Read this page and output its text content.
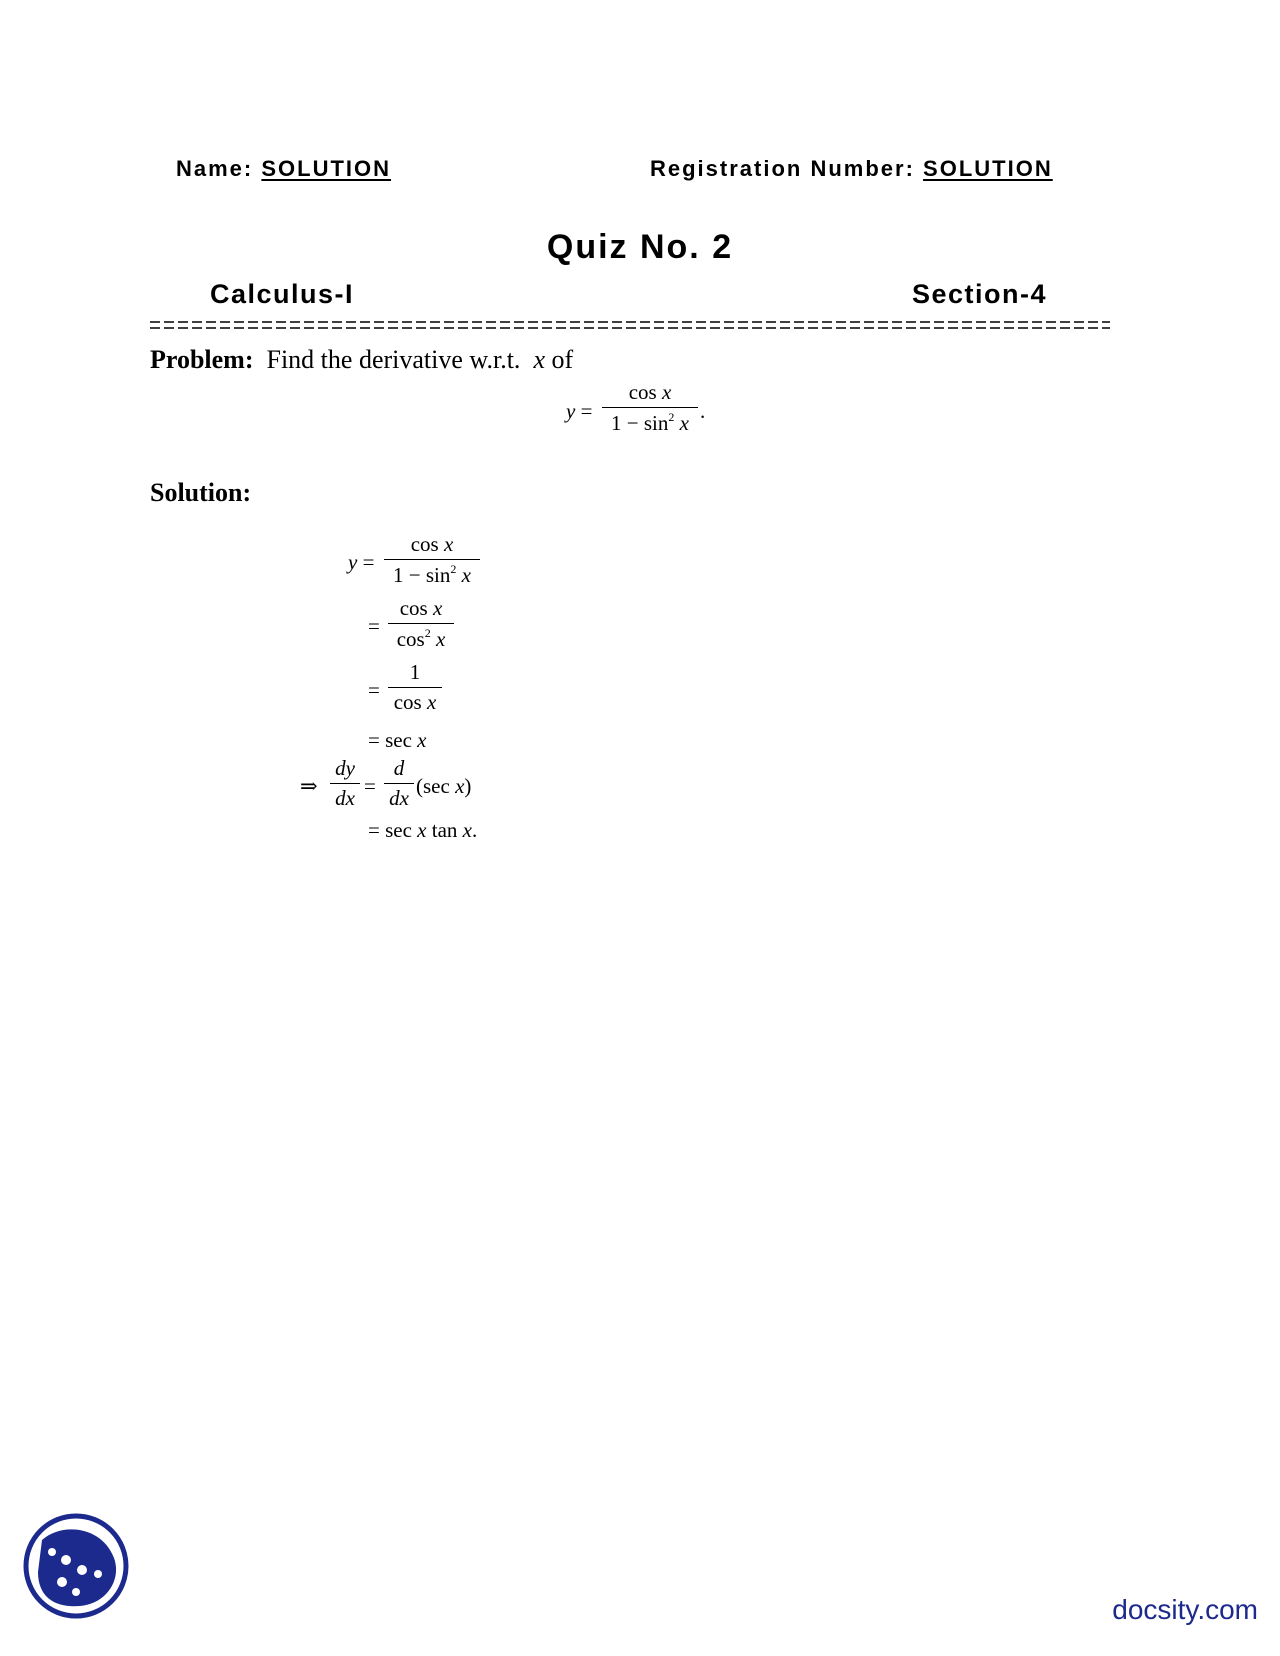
Name: SOLUTION	Registration Number: SOLUTION
Quiz No. 2
Calculus-I	Section-4
Problem: Find the derivative w.r.t. x of
y =
cos x
$1 - \sin^2 x$ .
Solution:
y =
cos x
$1 - \sin^2 x$
=
cos x
$\cos^2 x$
=
1
cos x
= sec x
⇒
dy
dx =
d
dx (sec x)
= sec x tan x.
docsity.com
